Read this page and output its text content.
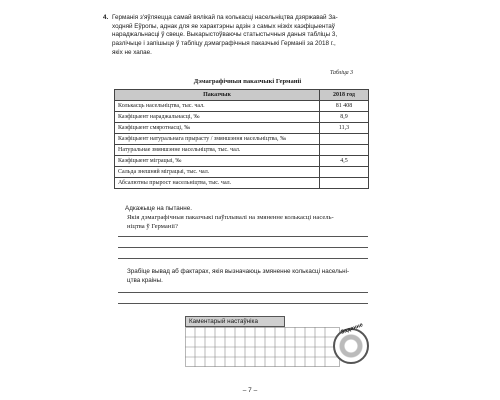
4. Германія з'яўляецца самай вялікай па колькасці насельніцтва дзяржавай За-

ходняй Еўропы, аднак для яе характэрны адзін з самых нізкіх каэфіцыентаў

нараджальнасці ў свеце. Выкарыстоўваючы статыстычныя даныя табліцы 3,

разлічыце і запішыце ў табліцу дэмаграфічныя паказчыкі Германіі за 2018 г.,

якіх не хапае.

Табліца 3
Дэмаграфічныя паказчыкі Германіі
Паказчык	2018 год
Колькасць насельніцтва, тыс. чал.	81 408
Каэфіцыент нараджальнасці, ‰	8,9
Каэфіцыент смяротнасці, ‰	11,3
Каэфіцыент натуральнага прырасту / змяншэння насельніцтва, ‰	
Натуральнае змяншэнне насельніцтва, тыс. чал.	
Каэфіцыент міграцыі, ‰	4,5
Сальда знешняй міграцыі, тыс. чал.	
Абсалютны прырост насельніцтва, тыс. чал.	
Адкажыце на пытанне.
Якія дэмаграфічныя паказчыкі паўплывалі на змяненне колькасці насель-
ніцтва ў Германіі?
Зрабіце вывад аб фактарах, якія вызначаюць змяненне колькасці насельні-
цтва краіны.
Каментарый настаўніка
Заданне
– 7 –
